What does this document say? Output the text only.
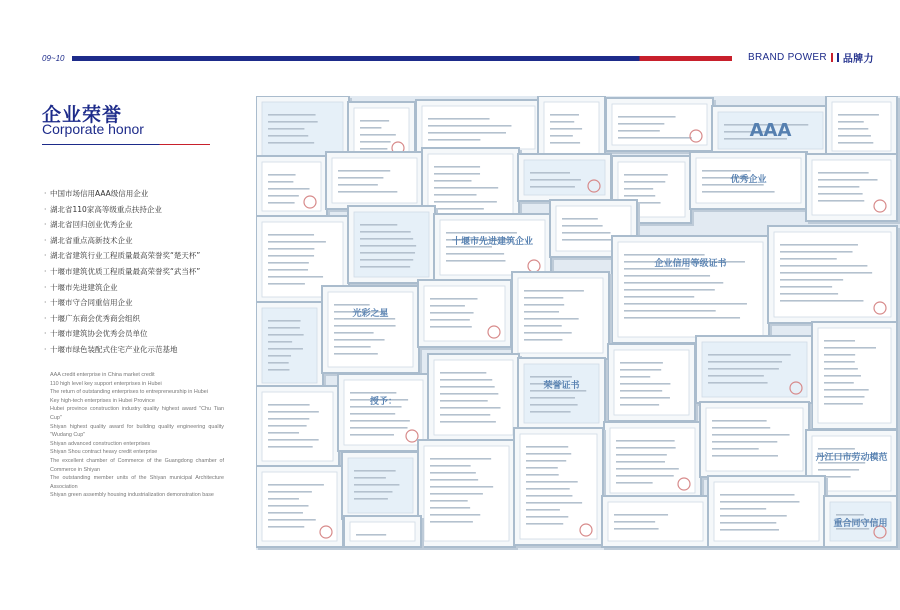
09~10	BRAND POWER 品牌力
企业荣誉
Corporate honor
· 中国市场信用AAA级信用企业
· 湖北省110家高等级重点扶持企业
· 湖北省回归创业优秀企业
· 湖北省重点高新技术企业
· 湖北省建筑行业工程质量最高荣誉奖“楚天杯”
· 十堰市建筑优质工程质量最高荣誉奖“武当杯”
· 十堰市先进建筑企业
· 十堰市守合同重信用企业
· 十堰广东商会优秀商会组织
· 十堰市建筑协会优秀会员单位
· 十堰市绿色装配式住宅产业化示范基地

AAA credit enterprise in China market credit

110 high level key support enterprises in Hubei

The return of outstanding enterprises to entrepreneurship in Hubei

Key high-tech enterprises in Hubei Province

Hubei province construction industry quality highest award "Chu Tian Cup"

Shiyan highest quality award for building quality engineering quality "Wudang Cup"

Shiyan advanced construction enterprises

Shiyan Shou contract heavy credit enterprise

The excellent chamber of Commerce of the Guangdong chamber of Commerce in Shiyan

The outstanding member units of the Shiyan municipal Architecture Association

Shiyan green assembly housing industrialization demonstration base

AAA
优秀企业
十堰市先进建筑企业
企业信用等级证书
光彩之星
授予：
荣誉证书
丹江口市劳动模范
重合同守信用
